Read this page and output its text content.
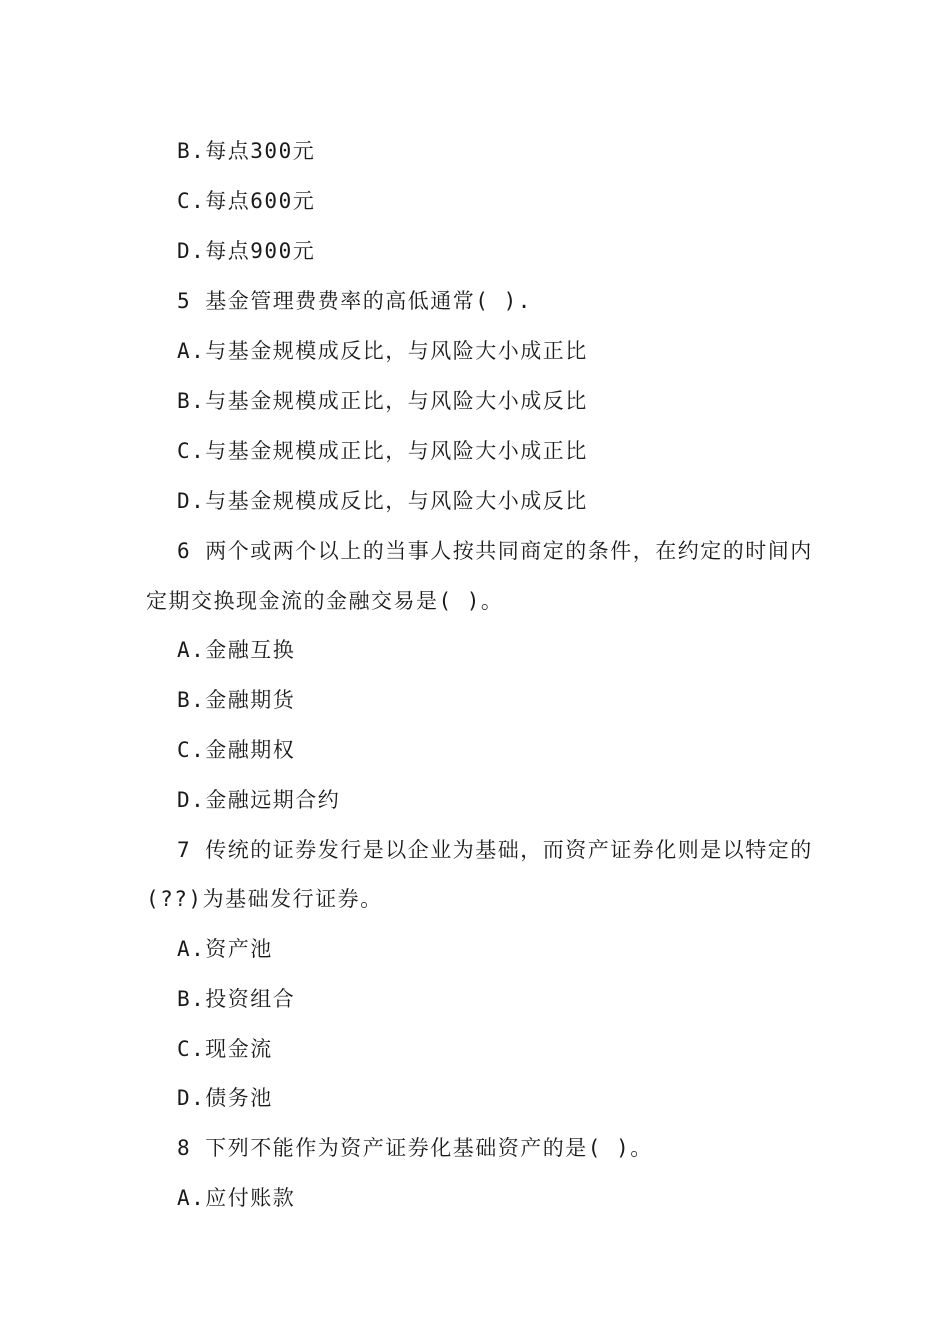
B.每点300元
C.每点600元
D.每点900元
5 基金管理费费率的高低通常( ).
A.与基金规模成反比，与风险大小成正比
B.与基金规模成正比，与风险大小成反比
C.与基金规模成正比，与风险大小成正比
D.与基金规模成反比，与风险大小成反比
6 两个或两个以上的当事人按共同商定的条件，在约定的时间内
定期交换现金流的金融交易是( )。
A.金融互换
B.金融期货
C.金融期权
D.金融远期合约
7 传统的证券发行是以企业为基础，而资产证券化则是以特定的
(??)为基础发行证券。
A.资产池
B.投资组合
C.现金流
D.债务池
8 下列不能作为资产证券化基础资产的是( )。
A.应付账款
